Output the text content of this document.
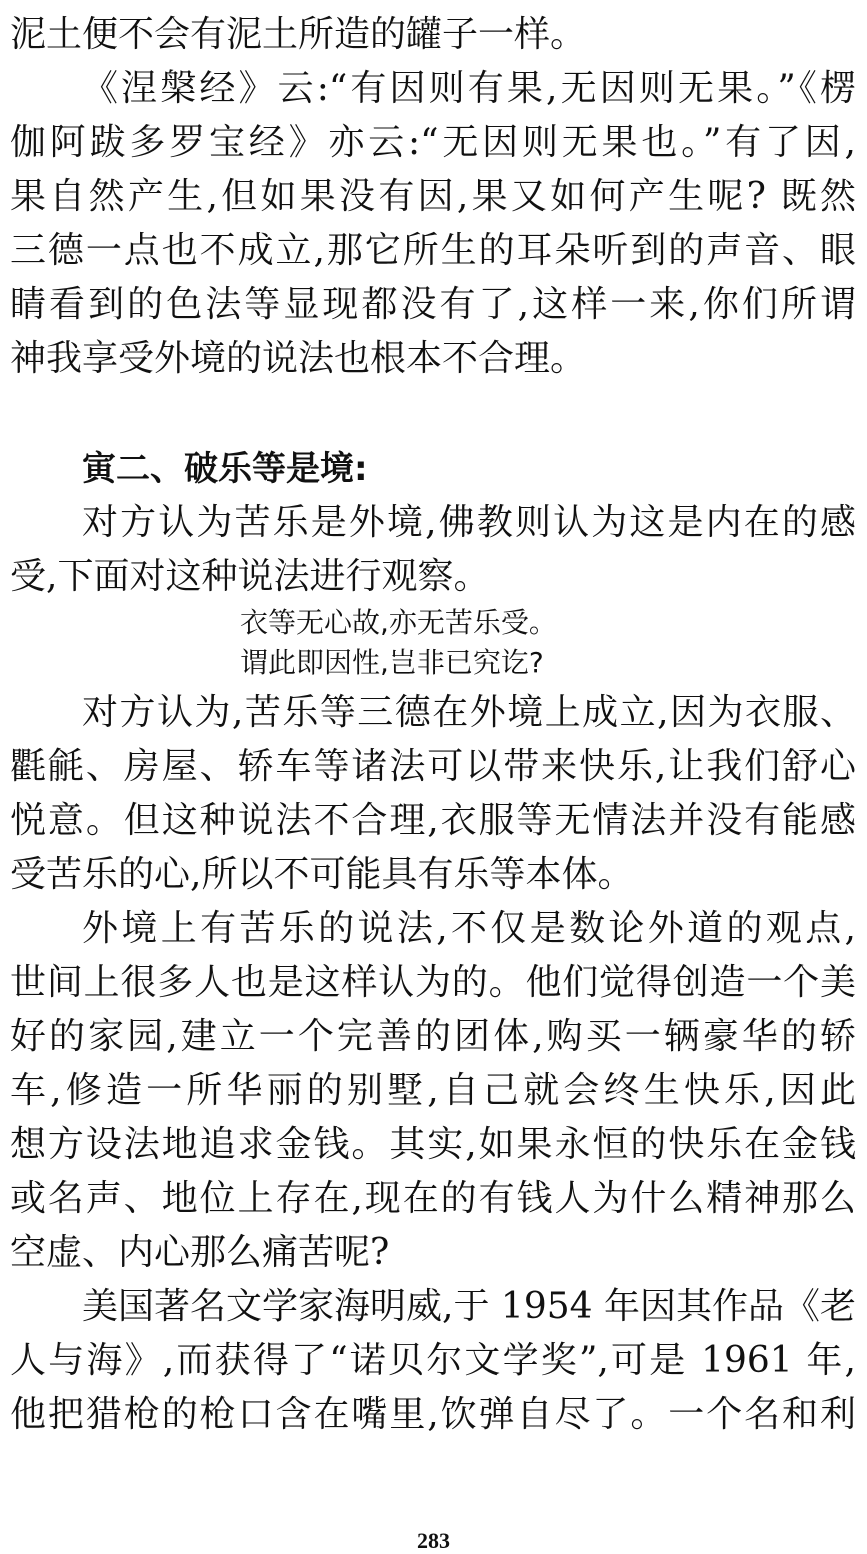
泥土便不会有泥土所造的罐子一样。
《涅槃经》云:“有因则有果,无因则无果。”《楞
伽阿跋多罗宝经》亦云:“无因则无果也。”有了因,
果自然产生,但如果没有因,果又如何产生呢? 既然
三德一点也不成立,那它所生的耳朵听到的声音、眼
睛看到的色法等显现都没有了,这样一来,你们所谓
神我享受外境的说法也根本不合理。
寅二、破乐等是境:
对方认为苦乐是外境,佛教则认为这是内在的感
受,下面对这种说法进行观察。
衣等无心故,亦无苦乐受。
谓此即因性,岂非已究讫?
对方认为,苦乐等三德在外境上成立,因为衣服、
氍毹、房屋、轿车等诸法可以带来快乐,让我们舒心
悦意。但这种说法不合理,衣服等无情法并没有能感
受苦乐的心,所以不可能具有乐等本体。
外境上有苦乐的说法,不仅是数论外道的观点,
世间上很多人也是这样认为的。他们觉得创造一个美
好的家园,建立一个完善的团体,购买一辆豪华的轿
车,修造一所华丽的别墅,自己就会终生快乐,因此
想方设法地追求金钱。其实,如果永恒的快乐在金钱
或名声、地位上存在,现在的有钱人为什么精神那么
空虚、内心那么痛苦呢?
美国著名文学家海明威,于 1954 年因其作品《老
人与海》,而获得了“诺贝尔文学奖”,可是 1961 年,
他把猎枪的枪口含在嘴里,饮弹自尽了。一个名和利
283
